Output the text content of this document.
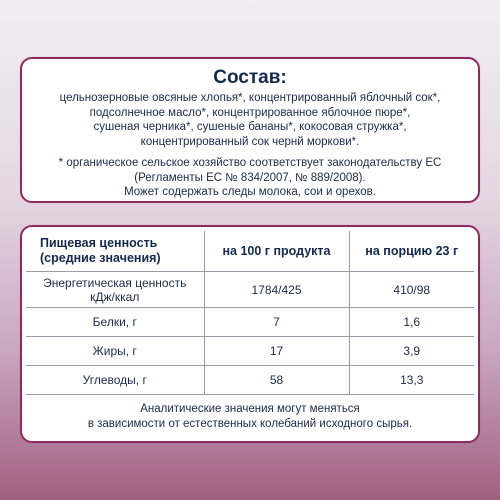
Состав:
цельнозерновые овсяные хлопья*, концентрированный яблочный сок*,
подсолнечное масло*, концентрированное яблочное пюре*,
сушеная черника*, сушеные бананы*, кокосовая стружка*,
концентрированный сок чернй моркови*.
* органическое сельское хозяйство соответствует законодательству ЕС
(Регламенты ЕС № 834/2007, № 889/2008).
Может содержать следы молока, сои и орехов.
Пищевая ценность
(средние значения)	на 100 г продукта	на порцию 23 г

Энергетическая ценность
кДж/ккал	1784/425	410/98
Белки, г	7	1,6
Жиры, г	17	3,9
Углеводы, г	58	13,3
Аналитические значения могут меняться
в зависимости от естественных колебаний исходного сырья.
